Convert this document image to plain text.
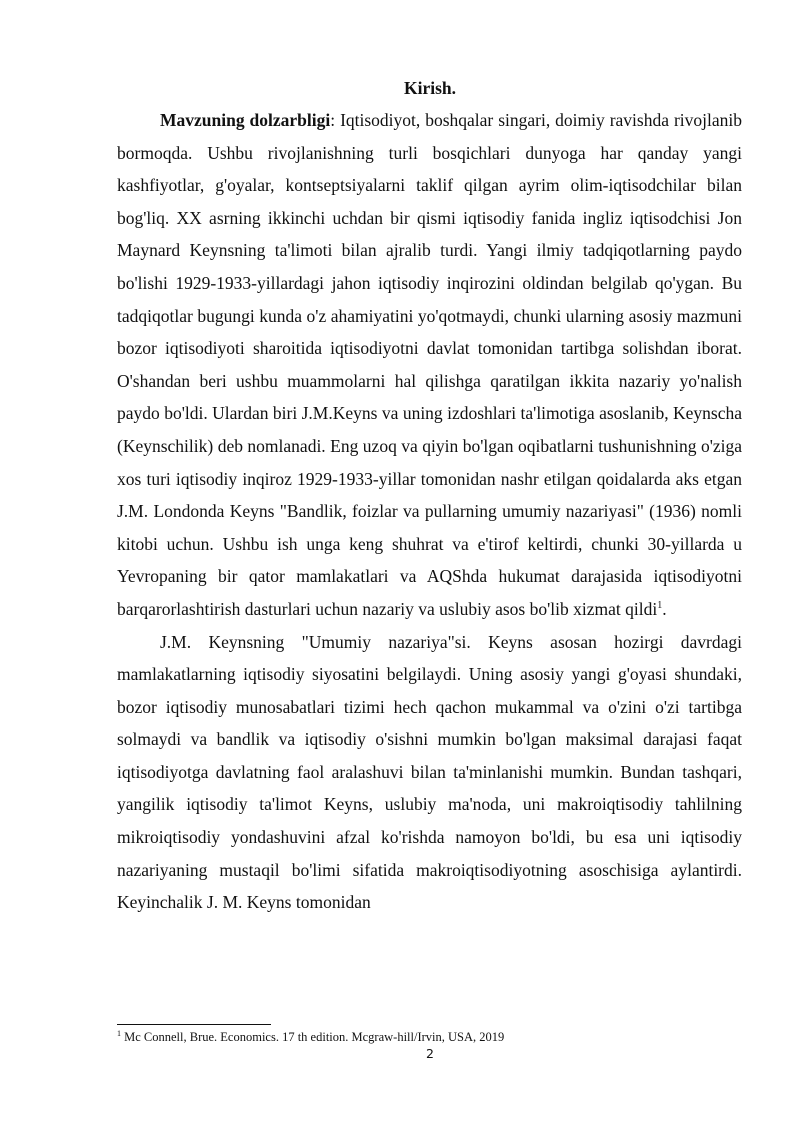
Kirish.

Mavzuning dolzarbligi: Iqtisodiyot, boshqalar singari, doimiy ravishda rivojlanib bormoqda. Ushbu rivojlanishning turli bosqichlari dunyoga har qanday yangi kashfiyotlar, g'oyalar, kontseptsiyalarni taklif qilgan ayrim olim-iqtisodchilar bilan bog'liq. XX asrning ikkinchi uchdan bir qismi iqtisodiy fanida ingliz iqtisodchisi Jon Maynard Keynsning ta'limoti bilan ajralib turdi. Yangi ilmiy tadqiqotlarning paydo bo'lishi 1929-1933-yillardagi jahon iqtisodiy inqirozini oldindan belgilab qo'ygan. Bu tadqiqotlar bugungi kunda o'z ahamiyatini yo'qotmaydi, chunki ularning asosiy mazmuni bozor iqtisodiyoti sharoitida iqtisodiyotni davlat tomonidan tartibga solishdan iborat. O'shandan beri ushbu muammolarni hal qilishga qaratilgan ikkita nazariy yo'nalish paydo bo'ldi. Ulardan biri J.M.Keyns va uning izdoshlari ta'limotiga asoslanib, Keynscha (Keynschilik) deb nomlanadi. Eng uzoq va qiyin bo'lgan oqibatlarni tushunishning o'ziga xos turi iqtisodiy inqiroz 1929-1933-yillar tomonidan nashr etilgan qoidalarda aks etgan J.M. Londonda Keyns "Bandlik, foizlar va pullarning umumiy nazariyasi" (1936) nomli kitobi uchun. Ushbu ish unga keng shuhrat va e'tirof keltirdi, chunki 30-yillarda u Yevropaning bir qator mamlakatlari va AQShda hukumat darajasida iqtisodiyotni barqarorlashtirish dasturlari uchun nazariy va uslubiy asos bo'lib xizmat qildi$^1$.

J.M. Keynsning "Umumiy nazariya"si. Keyns asosan hozirgi davrdagi mamlakatlarning iqtisodiy siyosatini belgilaydi. Uning asosiy yangi g'oyasi shundaki, bozor iqtisodiy munosabatlari tizimi hech qachon mukammal va o'zini o'zi tartibga solmaydi va bandlik va iqtisodiy o'sishni mumkin bo'lgan maksimal darajasi faqat iqtisodiyotga davlatning faol aralashuvi bilan ta'minlanishi mumkin. Bundan tashqari, yangilik iqtisodiy ta'limot Keyns, uslubiy ma'noda, uni makroiqtisodiy tahlilning mikroiqtisodiy yondashuvini afzal ko'rishda namoyon bo'ldi, bu esa uni iqtisodiy nazariyaning mustaqil bo'limi sifatida makroiqtisodiyotning asoschisiga aylantirdi. Keyinchalik J. M. Keyns tomonidan

$^1$ Mc Connell, Brue. Economics. 17 th edition. Mcgraw-hill/Irvin, USA, 2019
2
